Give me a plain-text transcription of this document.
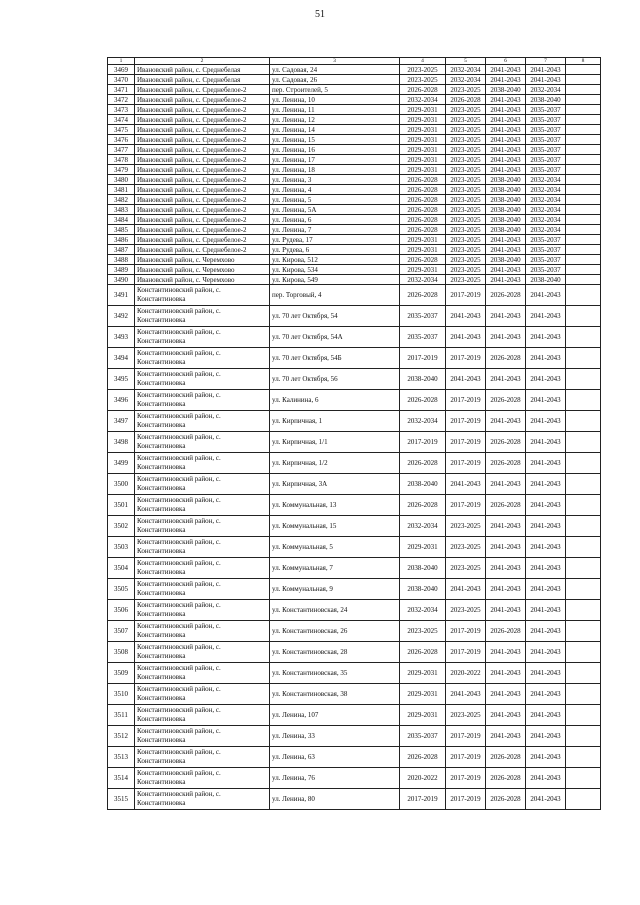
51
1	2	3	4	5	6	7	8
3469	Ивановский район, с. Среднебелая	ул. Садовая, 24	2023-2025	2032-2034	2041-2043	2041-2043	
3470	Ивановский район, с. Среднебелая	ул. Садовая, 26	2023-2025	2032-2034	2041-2043	2041-2043	
3471	Ивановский район, с. Среднебелое-2	пер. Строителей, 5	2026-2028	2023-2025	2038-2040	2032-2034	
3472	Ивановский район, с. Среднебелое-2	ул. Ленина, 10	2032-2034	2026-2028	2041-2043	2038-2040	
3473	Ивановский район, с. Среднебелое-2	ул. Ленина, 11	2029-2031	2023-2025	2041-2043	2035-2037	
3474	Ивановский район, с. Среднебелое-2	ул. Ленина, 12	2029-2031	2023-2025	2041-2043	2035-2037	
3475	Ивановский район, с. Среднебелое-2	ул. Ленина, 14	2029-2031	2023-2025	2041-2043	2035-2037	
3476	Ивановский район, с. Среднебелое-2	ул. Ленина, 15	2029-2031	2023-2025	2041-2043	2035-2037	
3477	Ивановский район, с. Среднебелое-2	ул. Ленина, 16	2029-2031	2023-2025	2041-2043	2035-2037	
3478	Ивановский район, с. Среднебелое-2	ул. Ленина, 17	2029-2031	2023-2025	2041-2043	2035-2037	
3479	Ивановский район, с. Среднебелое-2	ул. Ленина, 18	2029-2031	2023-2025	2041-2043	2035-2037	
3480	Ивановский район, с. Среднебелое-2	ул. Ленина, 3	2026-2028	2023-2025	2038-2040	2032-2034	
3481	Ивановский район, с. Среднебелое-2	ул. Ленина, 4	2026-2028	2023-2025	2038-2040	2032-2034	
3482	Ивановский район, с. Среднебелое-2	ул. Ленина, 5	2026-2028	2023-2025	2038-2040	2032-2034	
3483	Ивановский район, с. Среднебелое-2	ул. Ленина, 5А	2026-2028	2023-2025	2038-2040	2032-2034	
3484	Ивановский район, с. Среднебелое-2	ул. Ленина, 6	2026-2028	2023-2025	2038-2040	2032-2034	
3485	Ивановский район, с. Среднебелое-2	ул. Ленина, 7	2026-2028	2023-2025	2038-2040	2032-2034	
3486	Ивановский район, с. Среднебелое-2	ул. Рудева, 17	2029-2031	2023-2025	2041-2043	2035-2037	
3487	Ивановский район, с. Среднебелое-2	ул. Рудева, 6	2029-2031	2023-2025	2041-2043	2035-2037	
3488	Ивановский район, с. Черемхово	ул. Кирова, 512	2026-2028	2023-2025	2038-2040	2035-2037	
3489	Ивановский район, с. Черемхово	ул. Кирова, 534	2029-2031	2023-2025	2041-2043	2035-2037	
3490	Ивановский район, с. Черемхово	ул. Кирова, 549	2032-2034	2023-2025	2041-2043	2038-2040	
3491	Константиновский район, с. Константиновка	пер. Торговый, 4	2026-2028	2017-2019	2026-2028	2041-2043	
3492	Константиновский район, с. Константиновка	ул. 70 лет Октября, 54	2035-2037	2041-2043	2041-2043	2041-2043	
3493	Константиновский район, с. Константиновка	ул. 70 лет Октября, 54А	2035-2037	2041-2043	2041-2043	2041-2043	
3494	Константиновский район, с. Константиновка	ул. 70 лет Октября, 54Б	2017-2019	2017-2019	2026-2028	2041-2043	
3495	Константиновский район, с. Константиновка	ул. 70 лет Октября, 56	2038-2040	2041-2043	2041-2043	2041-2043	
3496	Константиновский район, с. Константиновка	ул. Калинина, 6	2026-2028	2017-2019	2026-2028	2041-2043	
3497	Константиновский район, с. Константиновка	ул. Кирпичная, 1	2032-2034	2017-2019	2041-2043	2041-2043	
3498	Константиновский район, с. Константиновка	ул. Кирпичная, 1/1	2017-2019	2017-2019	2026-2028	2041-2043	
3499	Константиновский район, с. Константиновка	ул. Кирпичная, 1/2	2026-2028	2017-2019	2026-2028	2041-2043	
3500	Константиновский район, с. Константиновка	ул. Кирпичная, 3А	2038-2040	2041-2043	2041-2043	2041-2043	
3501	Константиновский район, с. Константиновка	ул. Коммунальная, 13	2026-2028	2017-2019	2026-2028	2041-2043	
3502	Константиновский район, с. Константиновка	ул. Коммунальная, 15	2032-2034	2023-2025	2041-2043	2041-2043	
3503	Константиновский район, с. Константиновка	ул. Коммунальная, 5	2029-2031	2023-2025	2041-2043	2041-2043	
3504	Константиновский район, с. Константиновка	ул. Коммунальная, 7	2038-2040	2023-2025	2041-2043	2041-2043	
3505	Константиновский район, с. Константиновка	ул. Коммунальная, 9	2038-2040	2041-2043	2041-2043	2041-2043	
3506	Константиновский район, с. Константиновка	ул. Константиновская, 24	2032-2034	2023-2025	2041-2043	2041-2043	
3507	Константиновский район, с. Константиновка	ул. Константиновская, 26	2023-2025	2017-2019	2026-2028	2041-2043	
3508	Константиновский район, с. Константиновка	ул. Константиновская, 28	2026-2028	2017-2019	2041-2043	2041-2043	
3509	Константиновский район, с. Константиновка	ул. Константиновская, 35	2029-2031	2020-2022	2041-2043	2041-2043	
3510	Константиновский район, с. Константиновка	ул. Константиновская, 38	2029-2031	2041-2043	2041-2043	2041-2043	
3511	Константиновский район, с. Константиновка	ул. Ленина, 107	2029-2031	2023-2025	2041-2043	2041-2043	
3512	Константиновский район, с. Константиновка	ул. Ленина, 33	2035-2037	2017-2019	2041-2043	2041-2043	
3513	Константиновский район, с. Константиновка	ул. Ленина, 63	2026-2028	2017-2019	2026-2028	2041-2043	
3514	Константиновский район, с. Константиновка	ул. Ленина, 76	2020-2022	2017-2019	2026-2028	2041-2043	
3515	Константиновский район, с. Константиновка	ул. Ленина, 80	2017-2019	2017-2019	2026-2028	2041-2043	
